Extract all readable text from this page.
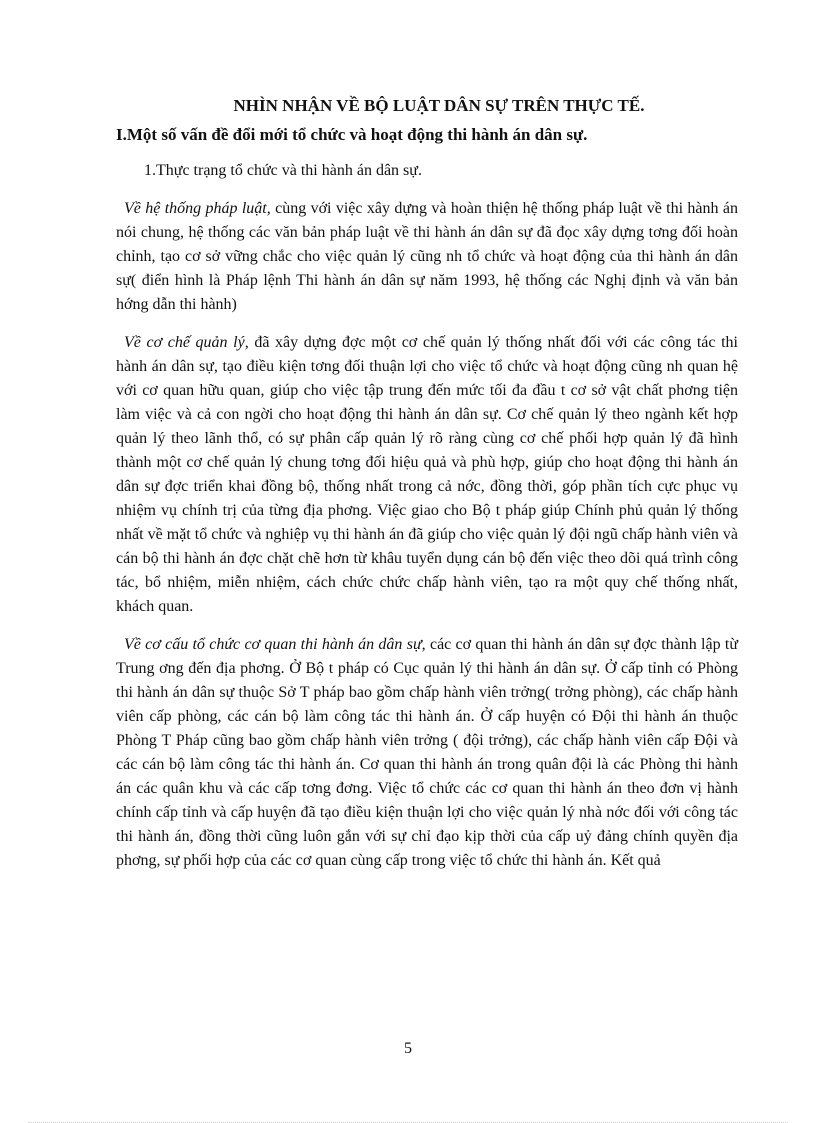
NHÌN NHẬN VỀ BỘ LUẬT DÂN SỰ TRÊN THỰC TẾ.
I.Một số vấn đề đổi mới tổ chức và hoạt động thi hành án dân sự.
1.Thực trạng tổ chức và thi hành án dân sự.

Về hệ thống pháp luật, cùng với việc xây dựng và hoàn thiện hệ thống pháp luật về thi hành án nói chung, hệ thống các văn bản pháp luật về thi hành án dân sự đã đọc xây dựng tơng đối hoàn chỉnh, tạo cơ sở vững chắc cho việc quản lý cũng nh tổ chức và hoạt động của thi hành án dân sự( điển hình là Pháp lệnh Thi hành án dân sự năm 1993, hệ thống các Nghị định và văn bản hớng dẫn thi hành)

Về cơ chế quản lý, đã xây dựng đợc một cơ chế quản lý thống nhất đối với các công tác thi hành án dân sự, tạo điều kiện tơng đối thuận lợi cho việc tổ chức và hoạt động cũng nh quan hệ với cơ quan hữu quan, giúp cho việc tập trung đến mức tối đa đầu t cơ sở vật chất phơng tiện làm việc và cả con ngời cho hoạt động thi hành án dân sự. Cơ chế quản lý theo ngành kết hợp quản lý theo lãnh thổ, có sự phân cấp quản lý rõ ràng cùng cơ chế phối hợp quản lý đã hình thành một cơ chế quản lý chung tơng đối hiệu quả và phù hợp, giúp cho hoạt động thi hành án dân sự đợc triển khai đồng bộ, thống nhất trong cả nớc, đồng thời, góp phần tích cực phục vụ nhiệm vụ chính trị của từng địa phơng. Việc giao cho Bộ t pháp giúp Chính phủ quản lý thống nhất về mặt tổ chức và nghiệp vụ thi hành án đã giúp cho việc quản lý đội ngũ chấp hành viên và cán bộ thi hành án đợc chặt chẽ hơn từ khâu tuyển dụng cán bộ đến việc theo dõi quá trình công tác, bổ nhiệm, miễn nhiệm, cách chức chức chấp hành viên, tạo ra một quy chế thống nhất, khách quan.

Về cơ cấu tổ chức cơ quan thi hành án dân sự, các cơ quan thi hành án dân sự đợc thành lập từ Trung ơng đến địa phơng. Ở Bộ t pháp có Cục quản lý thi hành án dân sự. Ở cấp tỉnh có Phòng thi hành án dân sự thuộc Sở T pháp bao gồm chấp hành viên trởng( trởng phòng), các chấp hành viên cấp phòng, các cán bộ làm công tác thi hành án. Ở cấp huyện có Đội thi hành án thuộc Phòng T Pháp cũng bao gồm chấp hành viên trởng ( đội trởng), các chấp hành viên cấp Đội và các cán bộ làm công tác thi hành án. Cơ quan thi hành án trong quân đội là các Phòng thi hành án các quân khu và các cấp tơng đơng. Việc tổ chức các cơ quan thi hành án theo đơn vị hành chính cấp tỉnh và cấp huyện đã tạo điều kiện thuận lợi cho việc quản lý nhà nớc đối với công tác thi hành án, đồng thời cũng luôn gắn với sự chỉ đạo kịp thời của cấp uỷ đảng chính quyền địa phơng, sự phối hợp của các cơ quan cùng cấp trong việc tổ chức thi hành án. Kết quả

5
